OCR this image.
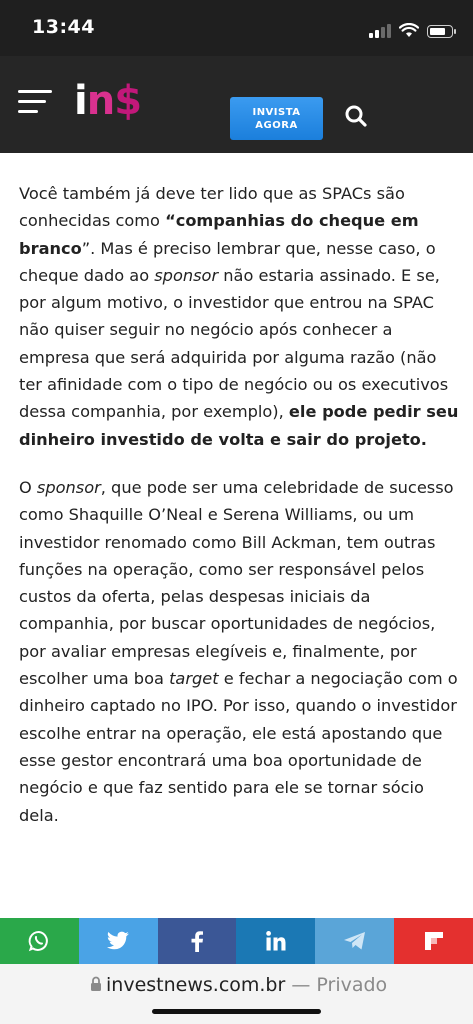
13:44
in$	INVISTA
AGORA

Você também já deve ter lido que as SPACs são conhecidas como “companhias do cheque em branco”. Mas é preciso lembrar que, nesse caso, o cheque dado ao sponsor não estaria assinado. E se, por algum motivo, o investidor que entrou na SPAC não quiser seguir no negócio após conhecer a empresa que será adquirida por alguma razão (não ter afinidade com o tipo de negócio ou os executivos dessa companhia, por exemplo), ele pode pedir seu dinheiro investido de volta e sair do projeto.

O sponsor, que pode ser uma celebridade de sucesso como Shaquille O’Neal e Serena Williams, ou um investidor renomado como Bill Ackman, tem outras funções na operação, como ser responsável pelos custos da oferta, pelas despesas iniciais da companhia, por buscar oportunidades de negócios, por avaliar empresas elegíveis e, finalmente, por escolher uma boa target e fechar a negociação com o dinheiro captado no IPO. Por isso, quando o investidor escolhe entrar na operação, ele está apostando que esse gestor encontrará uma boa oportunidade de negócio e que faz sentido para ele se tornar sócio dela.

investnews.com.br — Privado
